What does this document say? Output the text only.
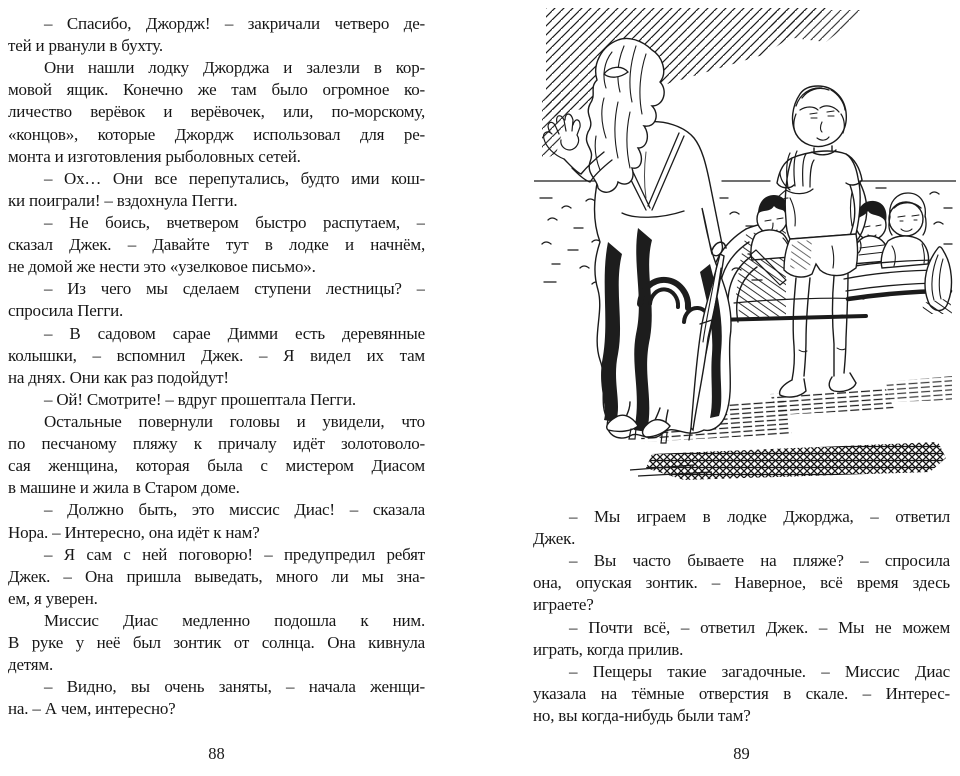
– Спасибо, Джордж! – закричали четверо де-
тей и рванули в бухту.
Они нашли лодку Джорджа и залезли в кор-
мовой ящик. Конечно же там было огромное ко-
личество верёвок и верёвочек, или, по-морскому,
«концов», которые Джордж использовал для ре-
монта и изготовления рыболовных сетей.
– Ох… Они все перепутались, будто ими кош-
ки поиграли! – вздохнула Пегги.
– Не боись, вчетвером быстро распутаем, –
сказал Джек. – Давайте тут в лодке и начнём,
не домой же нести это «узелковое письмо».
– Из чего мы сделаем ступени лестницы? –
спросила Пегги.
– В садовом сарае Димми есть деревянные
колышки, – вспомнил Джек. – Я видел их там
на днях. Они как раз подойдут!
– Ой! Смотрите! – вдруг прошептала Пегги.
Остальные повернули головы и увидели, что
по песчаному пляжу к причалу идёт золотоволо-
сая женщина, которая была с мистером Диасом
в машине и жила в Старом доме.
– Должно быть, это миссис Диас! – сказала
Нора. – Интересно, она идёт к нам?
– Я сам с ней поговорю! – предупредил ребят
Джек. – Она пришла выведать, много ли мы зна-
ем, я уверен.
Миссис Диас медленно подошла к ним.
В руке у неё был зонтик от солнца. Она кивнула
детям.
– Видно, вы очень заняты, – начала женщи-
на. – А чем, интересно?
88
– Мы играем в лодке Джорджа, – ответил
Джек.
– Вы часто бываете на пляже? – спросила
она, опуская зонтик. – Наверное, всё время здесь
играете?
– Почти всё, – ответил Джек. – Мы не можем
играть, когда прилив.
– Пещеры такие загадочные. – Миссис Диас
указала на тёмные отверстия в скале. – Интерес-
но, вы когда-нибудь были там?
89
